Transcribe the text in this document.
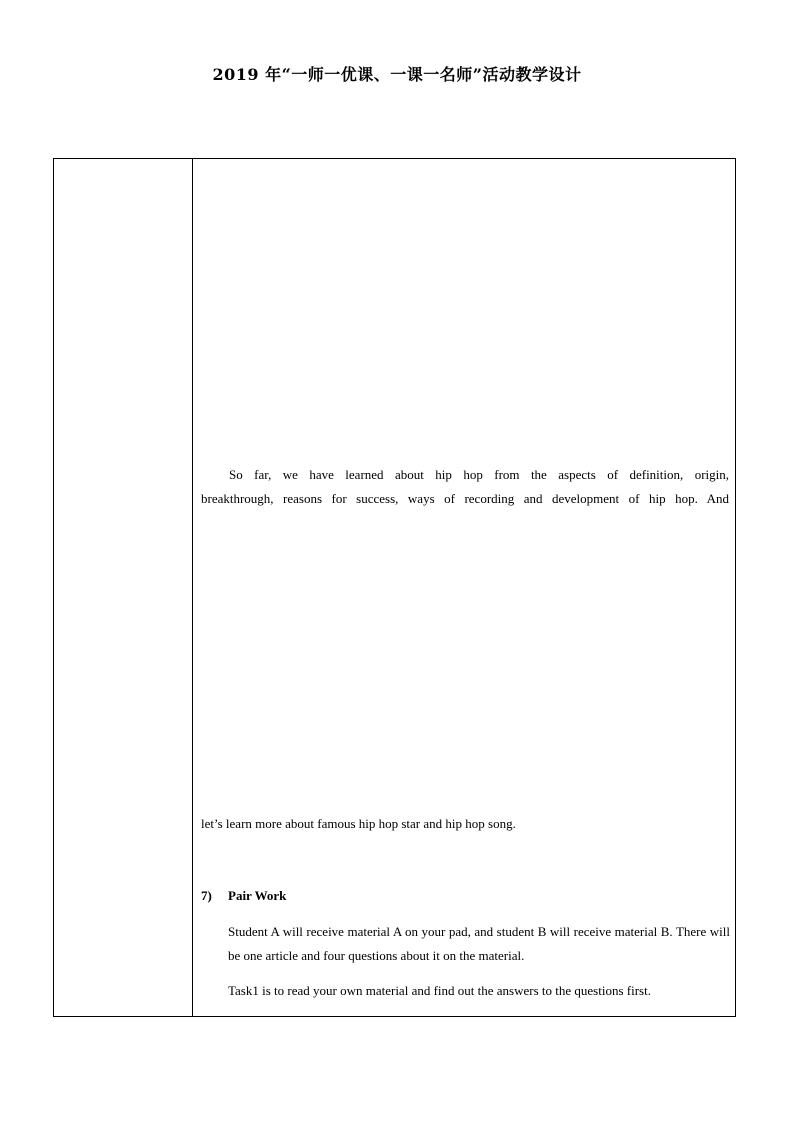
2019 年“一师一优课、一课一名师”活动教学设计
So far, we have learned about hip hop from the aspects of definition, origin,
breakthrough, reasons for success, ways of recording and development of hip hop. And
let’s learn more about famous hip hop star and hip hop song.
7) Pair Work
Student A will receive material A on your pad, and student B will receive material B. There will be one article and four questions about it on the material.
Task1 is to read your own material and find out the answers to the questions first.
